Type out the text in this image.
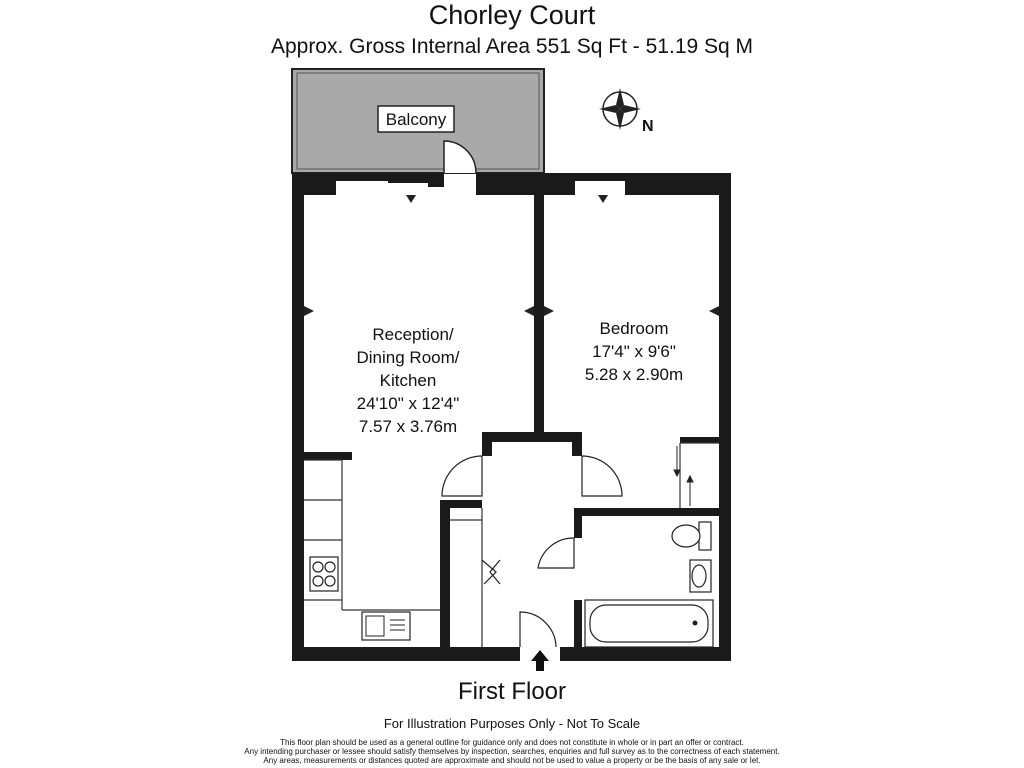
Chorley Court
Approx. Gross Internal Area 551 Sq Ft - 51.19 Sq M
Balcony	N
Reception/
Dining Room/
Kitchen
24'10" x 12'4"
7.57 x 3.76m
Bedroom
17'4" x 9'6"
5.28 x 2.90m
First Floor
For Illustration Purposes Only - Not To Scale
This floor plan should be used as a general outline for guidance only and does not constitute in whole or in part an offer or contract.
Any intending purchaser or lessee should satisfy themselves by inspection, searches, enquiries and full survey as to the correctness of each statement.
Any areas, measurements or distances quoted are approximate and should not be used to value a property or be the basis of any sale or let.
